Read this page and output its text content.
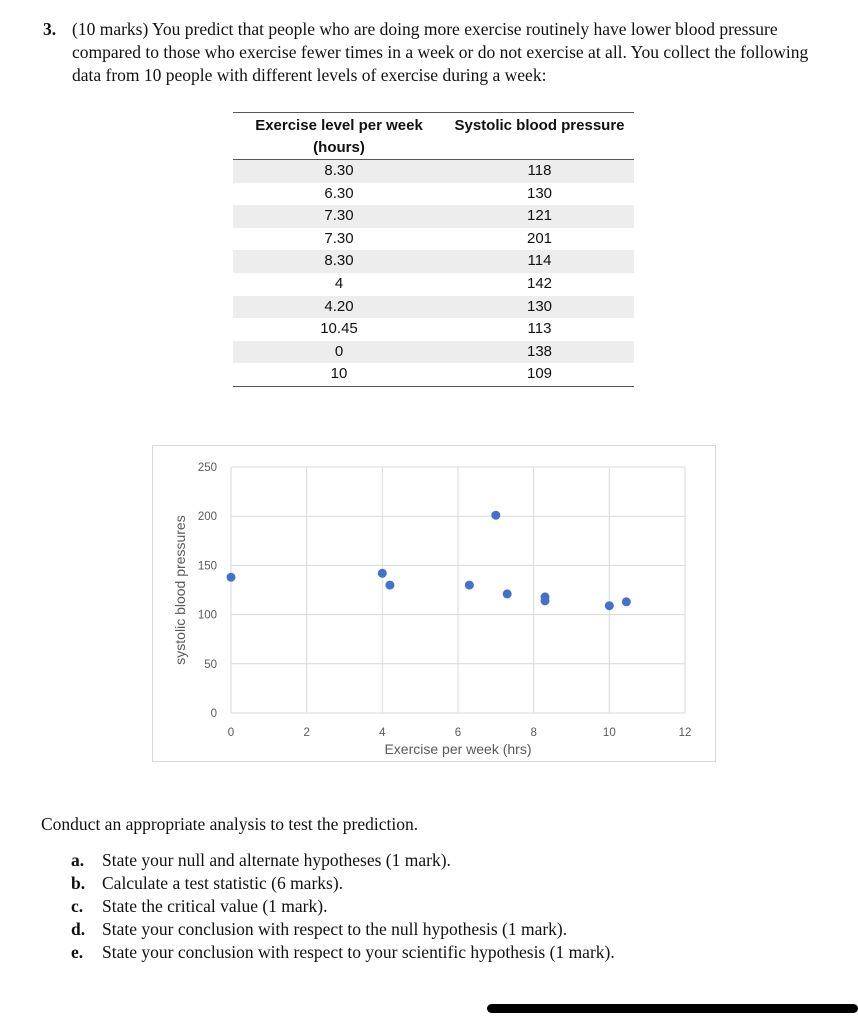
3. (10 marks) You predict that people who are doing more exercise routinely have lower blood pressure compared to those who exercise fewer times in a week or do not exercise at all. You collect the following data from 10 people with different levels of exercise during a week:
Exercise level per week (hours)	Systolic blood pressure
8.30	118
6.30	130
7.30	121
7.30	201
8.30	114
4	142
4.20	130
10.45	113
0	138
10	109
0
50
100
150
200
250
0	2	4	6	8	10	12
Exercise per week (hrs)
systolic blood pressures
Conduct an appropriate analysis to test the prediction.
a. State your null and alternate hypotheses (1 mark).
b. Calculate a test statistic (6 marks).
c. State the critical value (1 mark).
d. State your conclusion with respect to the null hypothesis (1 mark).
e. State your conclusion with respect to your scientific hypothesis (1 mark).
